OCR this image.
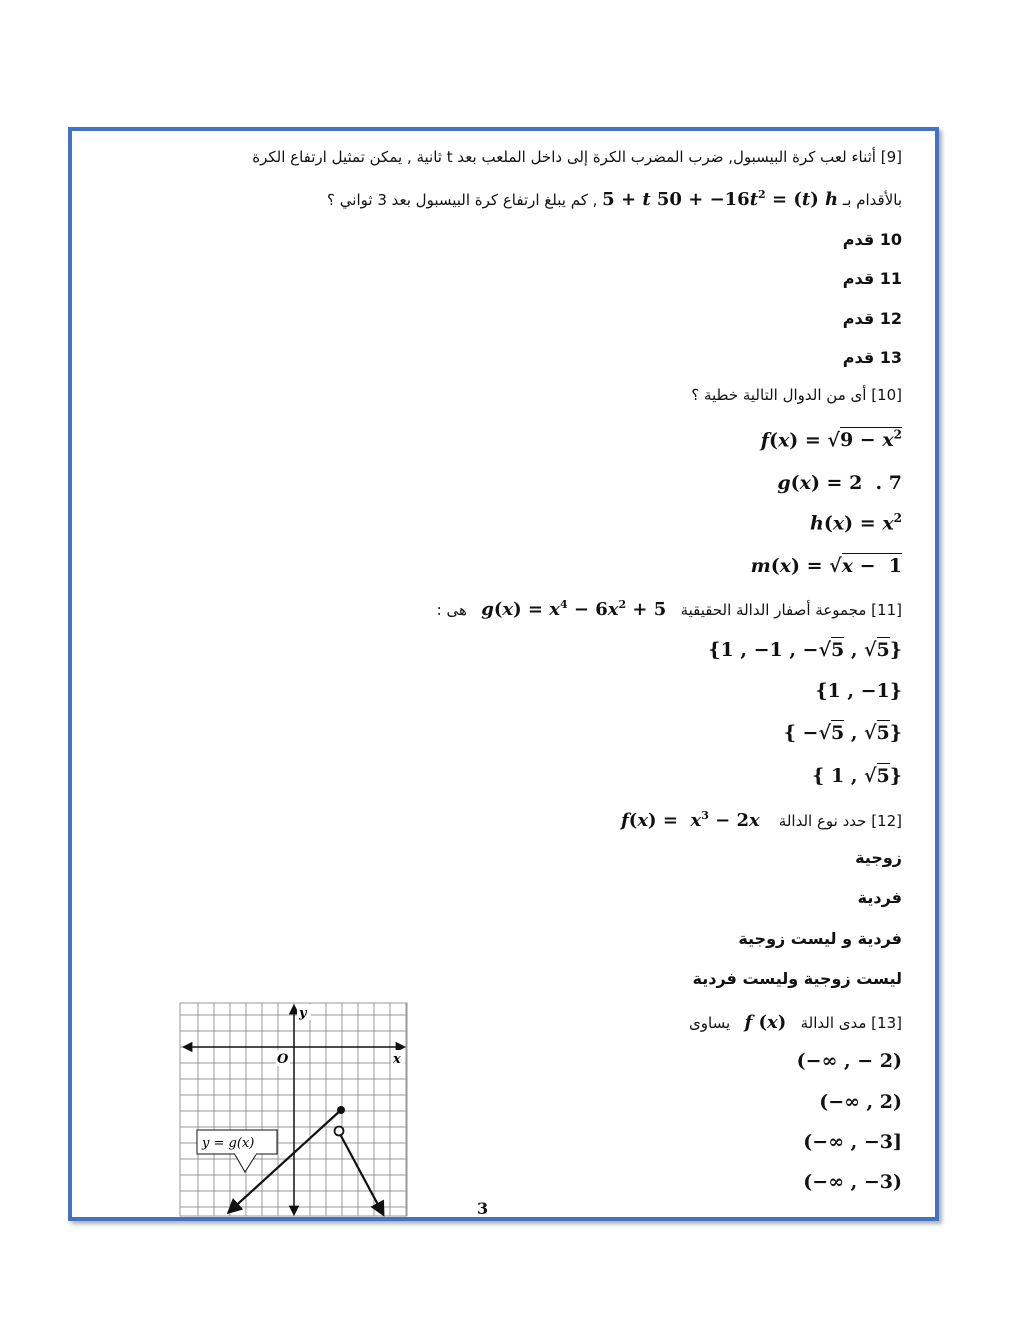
[9] أثناء لعب كرة البيسبول, ضرب المضرب الكرة إلى داخل الملعب بعد t ثانية , يمكن تمثيل ارتفاع الكرة
بالأقدام بـ 5 + t $50 + -16t^2 = (t)$ h , كم يبلغ ارتفاع كرة البيسبول بعد 3 ثواني ؟
10 قدم
11 قدم
12 قدم
13 قدم
[10] أى من الدوال التالية خطية ؟
$f(x) = √9 - x^2$
g(x) = 2  . 7
$h(x) = x^2$
m(x) = √x −  1
[11] مجموعة أصفار الدالة الحقيقية   $g(x) = x^4 - 6x^2 + 5$   هى :
{1 , −1 , −√5 , √5}
{1 , −1}
{ −√5 , √5}
{ 1 , √5}
[12] حدد نوع الدالة    $f(x) = x^3 - 2x$
زوجية
فردية
فردية و ليست زوجية
ليست زوجية وليست فردية
[13] مدى الدالة   f (x)   يساوى
(−∞ , − 2)
(−∞ , 2)
(−∞ , −3]
(−∞ , −3)
y
x
O
y = g(x)
3
